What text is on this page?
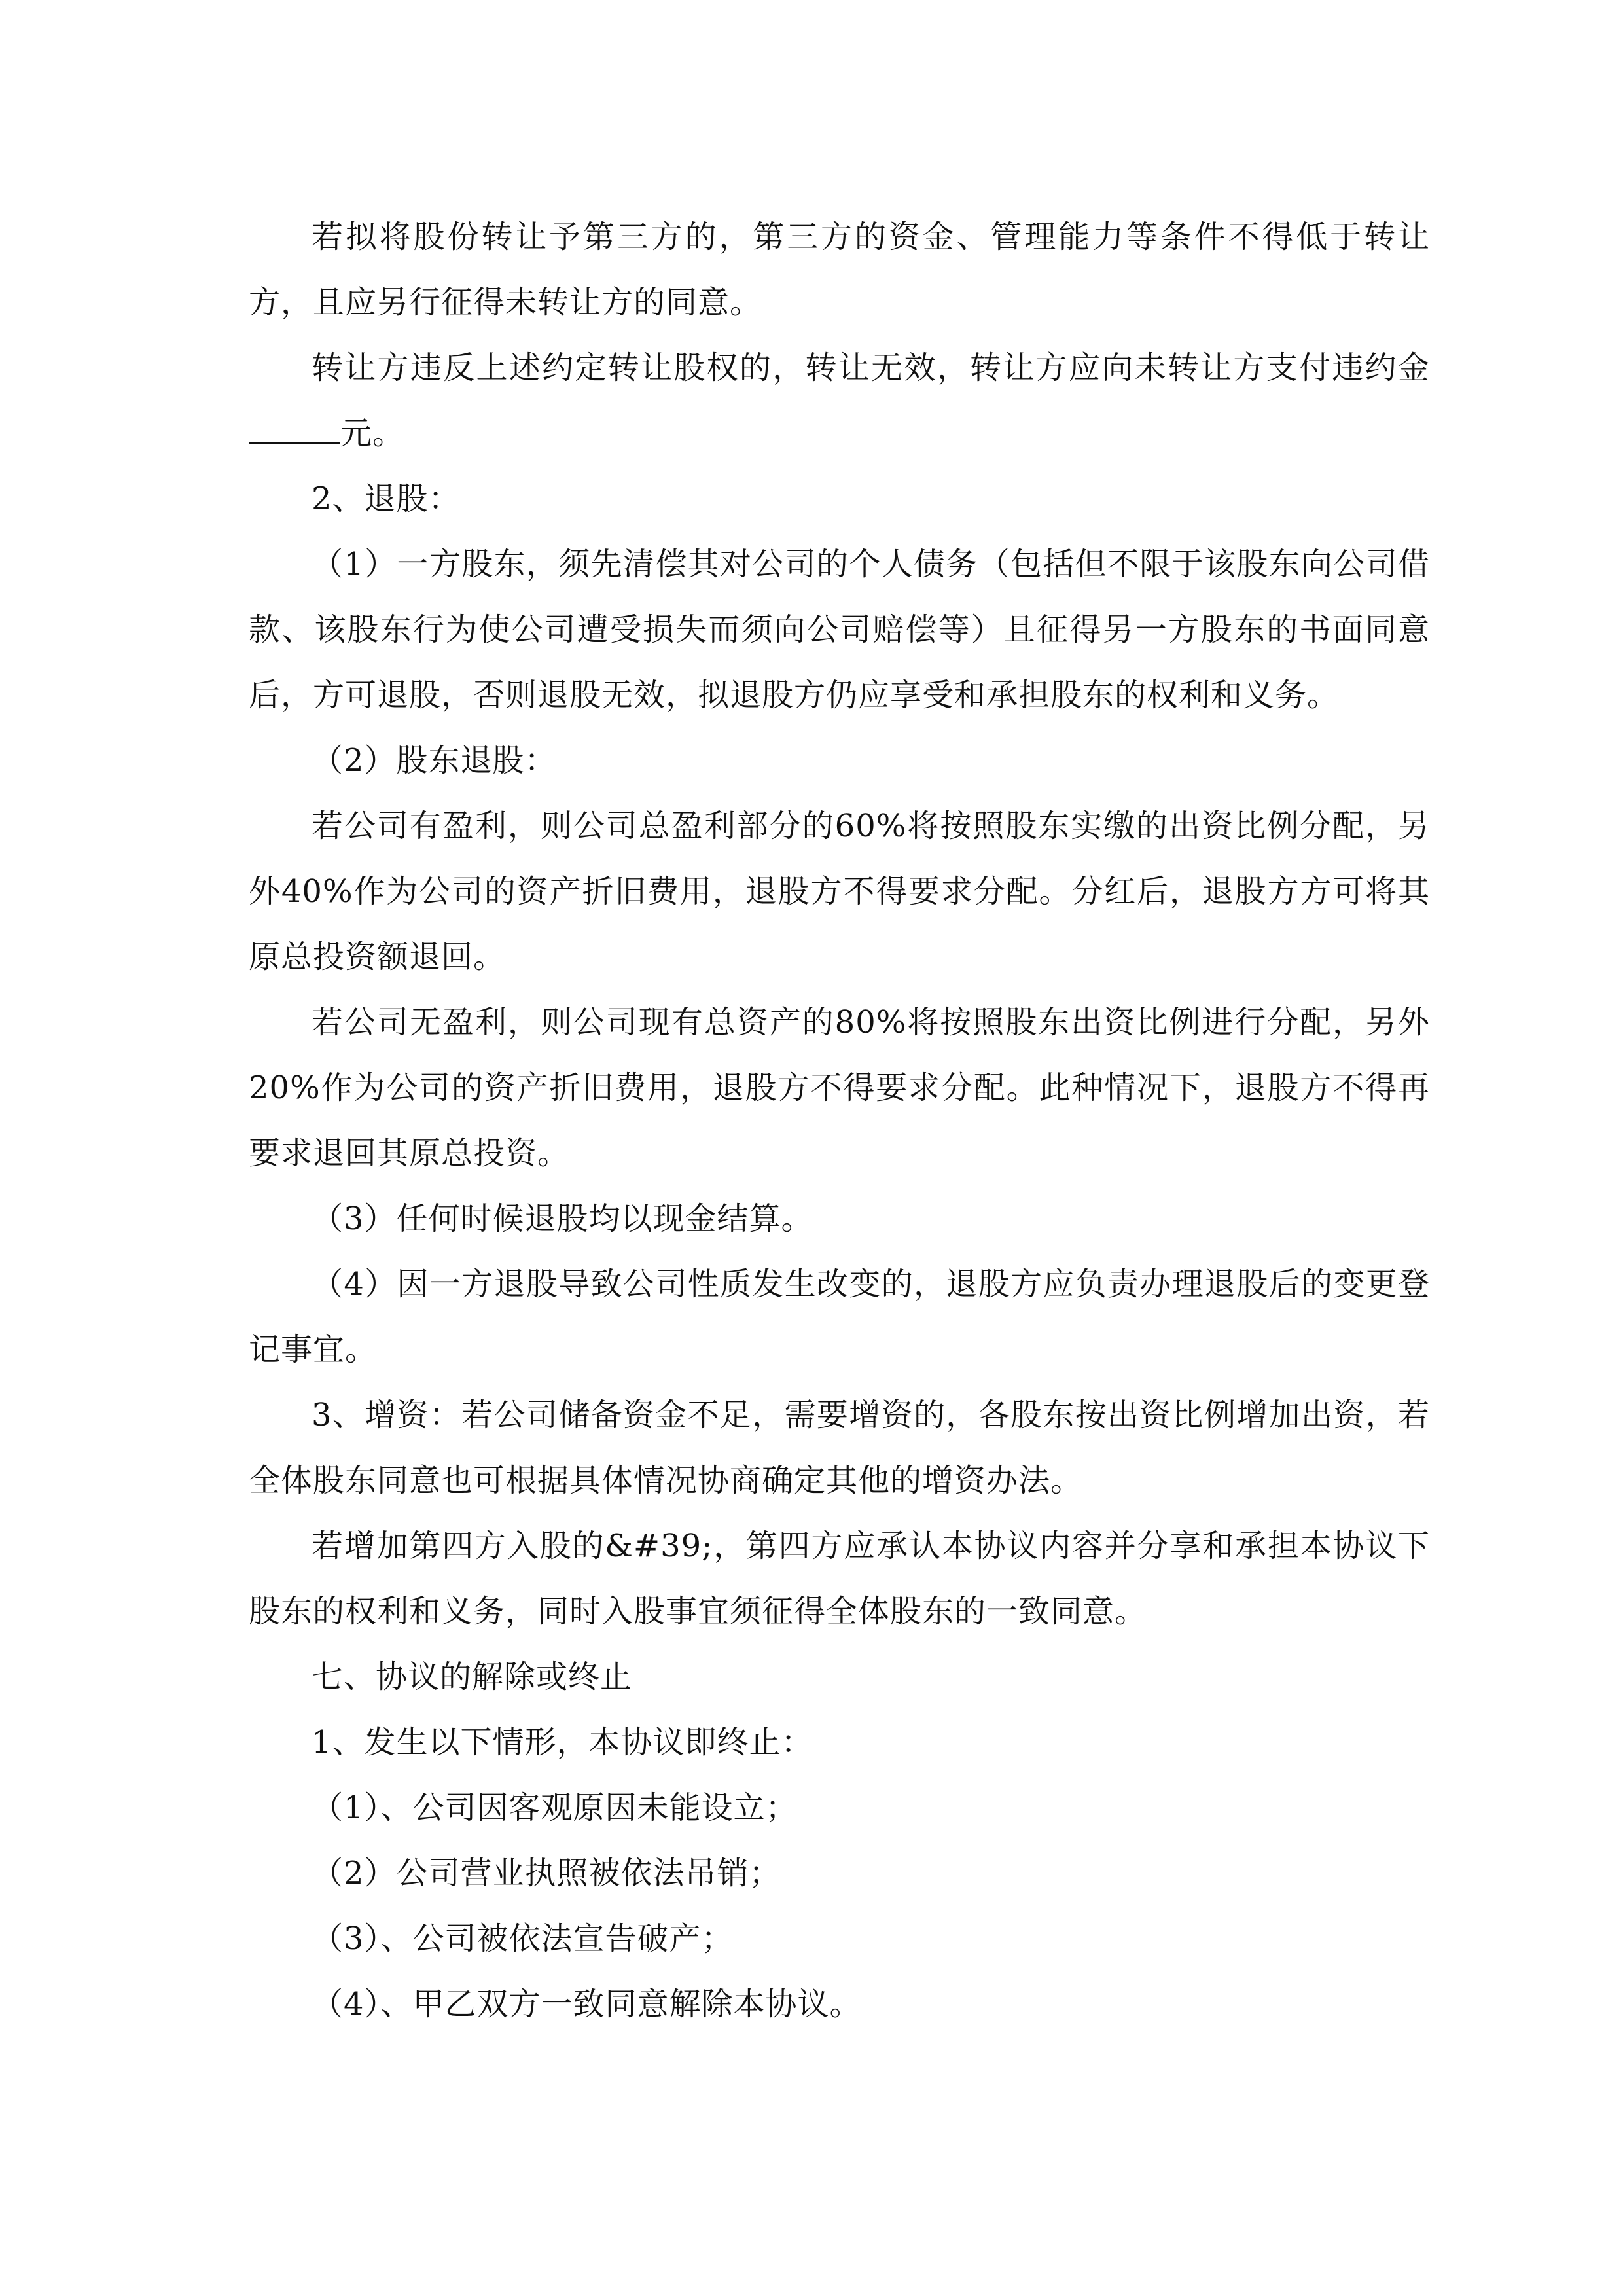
若拟将股份转让予第三方的，第三方的资金、管理能力等条件不得低于转让方，且应另行征得未转让方的同意。

转让方违反上述约定转让股权的，转让无效，转让方应向未转让方支付违约金元。

2、退股：

（1）一方股东，须先清偿其对公司的个人债务（包括但不限于该股东向公司借款、该股东行为使公司遭受损失而须向公司赔偿等）且征得另一方股东的书面同意后，方可退股，否则退股无效，拟退股方仍应享受和承担股东的权利和义务。

（2）股东退股：

若公司有盈利，则公司总盈利部分的60%将按照股东实缴的出资比例分配，另外40%作为公司的资产折旧费用，退股方不得要求分配。分红后，退股方方可将其原总投资额退回。

若公司无盈利，则公司现有总资产的80%将按照股东出资比例进行分配，另外20%作为公司的资产折旧费用，退股方不得要求分配。此种情况下，退股方不得再要求退回其原总投资。

（3）任何时候退股均以现金结算。

（4）因一方退股导致公司性质发生改变的，退股方应负责办理退股后的变更登记事宜。

3、增资：若公司储备资金不足，需要增资的，各股东按出资比例增加出资，若全体股东同意也可根据具体情况协商确定其他的增资办法。

若增加第四方入股的&#39;，第四方应承认本协议内容并分享和承担本协议下股东的权利和义务，同时入股事宜须征得全体股东的一致同意。

七、协议的解除或终止

1、发生以下情形，本协议即终止：

（1）、公司因客观原因未能设立；

（2）公司营业执照被依法吊销；

（3）、公司被依法宣告破产；

（4）、甲乙双方一致同意解除本协议。
